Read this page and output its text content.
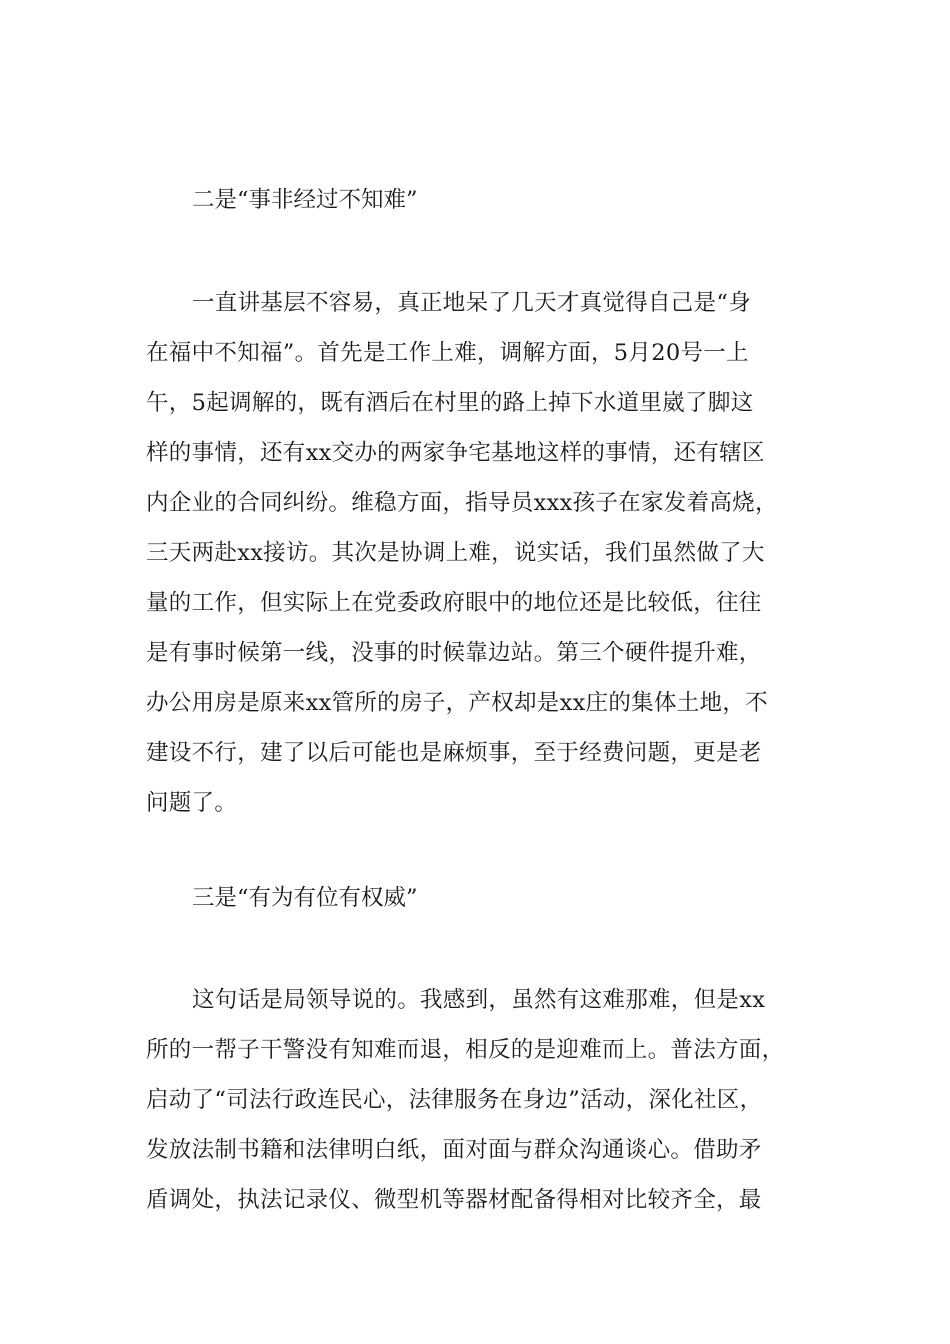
二是“事非经过不知难”

一直讲基层不容易，真正地呆了几天才真觉得自己是“身
在福中不知福”。首先是工作上难，调解方面，5月20号一上
午，5起调解的，既有酒后在村里的路上掉下水道里崴了脚这
样的事情，还有xx交办的两家争宅基地这样的事情，还有辖区
内企业的合同纠纷。维稳方面，指导员xxx孩子在家发着高烧，
三天两赴xx接访。其次是协调上难，说实话，我们虽然做了大
量的工作，但实际上在党委政府眼中的地位还是比较低，往往
是有事时候第一线，没事的时候靠边站。第三个硬件提升难，
办公用房是原来xx管所的房子，产权却是xx庄的集体土地，不
建设不行，建了以后可能也是麻烦事，至于经费问题，更是老
问题了。

三是“有为有位有权威”

这句话是局领导说的。我感到，虽然有这难那难，但是xx
所的一帮子干警没有知难而退，相反的是迎难而上。普法方面，
启动了“司法行政连民心，法律服务在身边”活动，深化社区，
发放法制书籍和法律明白纸，面对面与群众沟通谈心。借助矛
盾调处，执法记录仪、微型机等器材配备得相对比较齐全，最
